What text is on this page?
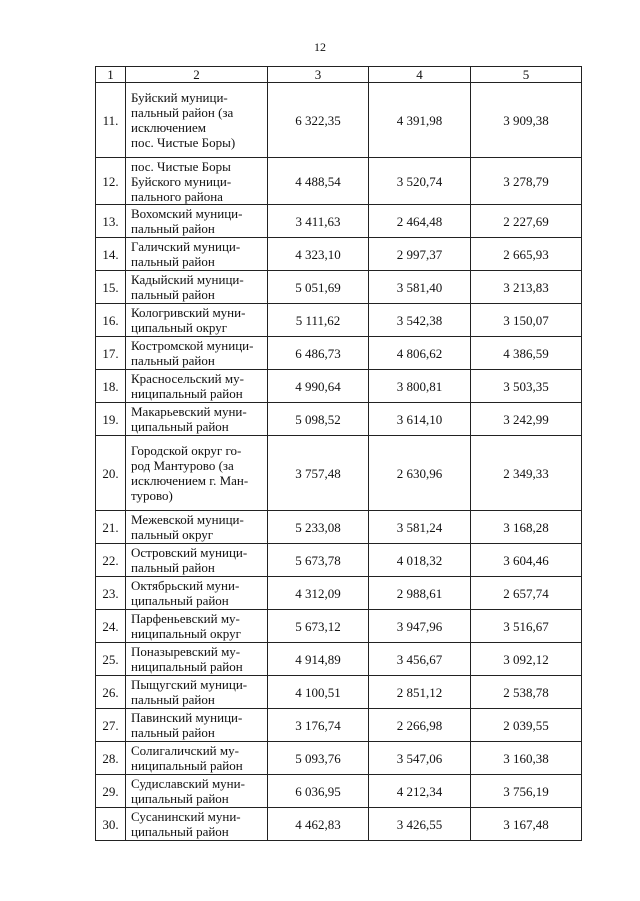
12
1	2	3	4	5
11.	Буйский муници-
пальный район (за
исключением
пос. Чистые Боры)	6 322,35	4 391,98	3 909,38
12.	пос. Чистые Боры
Буйского муници-
пального района	4 488,54	3 520,74	3 278,79
13.	Вохомский муници-
пальный район	3 411,63	2 464,48	2 227,69
14.	Галичский муници-
пальный район	4 323,10	2 997,37	2 665,93
15.	Кадыйский муници-
пальный район	5 051,69	3 581,40	3 213,83
16.	Кологривский муни-
ципальный округ	5 111,62	3 542,38	3 150,07
17.	Костромской муници-
пальный район	6 486,73	4 806,62	4 386,59
18.	Красносельский му-
ниципальный район	4 990,64	3 800,81	3 503,35
19.	Макарьевский муни-
ципальный район	5 098,52	3 614,10	3 242,99
20.	Городской округ го-
род Мантурово (за
исключением г. Ман-
турово)	3 757,48	2 630,96	2 349,33
21.	Межевской муници-
пальный округ	5 233,08	3 581,24	3 168,28
22.	Островский муници-
пальный район	5 673,78	4 018,32	3 604,46
23.	Октябрьский муни-
ципальный район	4 312,09	2 988,61	2 657,74
24.	Парфеньевский му-
ниципальный округ	5 673,12	3 947,96	3 516,67
25.	Поназыревский му-
ниципальный район	4 914,89	3 456,67	3 092,12
26.	Пыщугский муници-
пальный район	4 100,51	2 851,12	2 538,78
27.	Павинский муници-
пальный район	3 176,74	2 266,98	2 039,55
28.	Солигаличский му-
ниципальный район	5 093,76	3 547,06	3 160,38
29.	Судиславский муни-
ципальный район	6 036,95	4 212,34	3 756,19
30.	Сусанинский муни-
ципальный район	4 462,83	3 426,55	3 167,48
